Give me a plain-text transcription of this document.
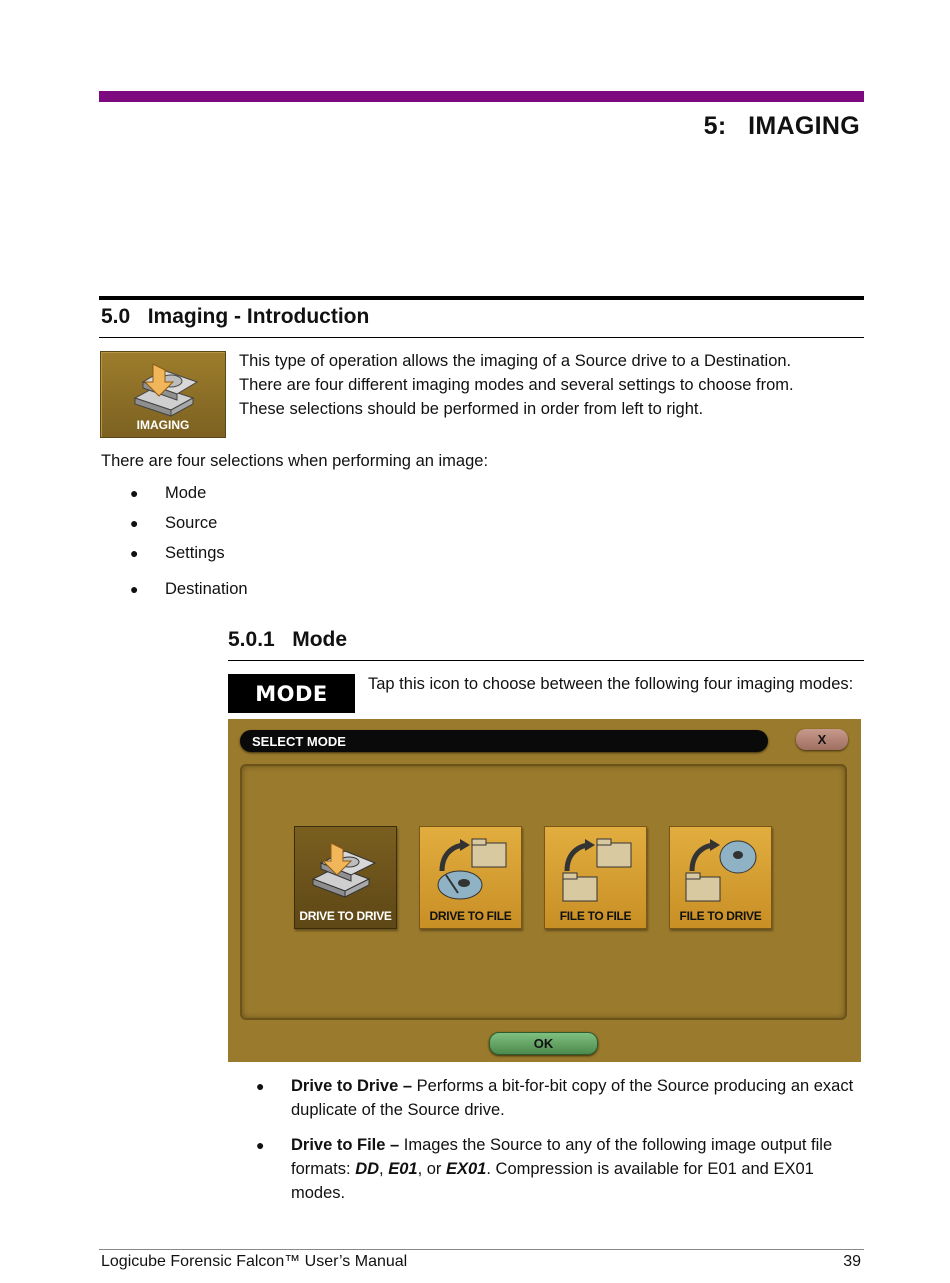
5:   IMAGING
5.0   Imaging - Introduction
IMAGING
This type of operation allows the imaging of a Source drive to a Destination.
There are four different imaging modes and several settings to choose from.
These selections should be performed in order from left to right.
There are four selections when performing an image:
●	Mode
●	Source
●	Settings
●	Destination
5.0.1   Mode
MODE	Tap this icon to choose between the following four imaging modes:
SELECT MODE	X
DRIVE TO DRIVE	DRIVE TO FILE	FILE TO FILE	FILE TO DRIVE
OK
●	Drive to Drive – Performs a bit-for-bit copy of the Source producing an exact duplicate of the Source drive.
●	Drive to File – Images the Source to any of the following image output file formats: DD, E01, or EX01. Compression is available for E01 and EX01 modes.
Logicube Forensic Falcon™ User’s Manual	39
